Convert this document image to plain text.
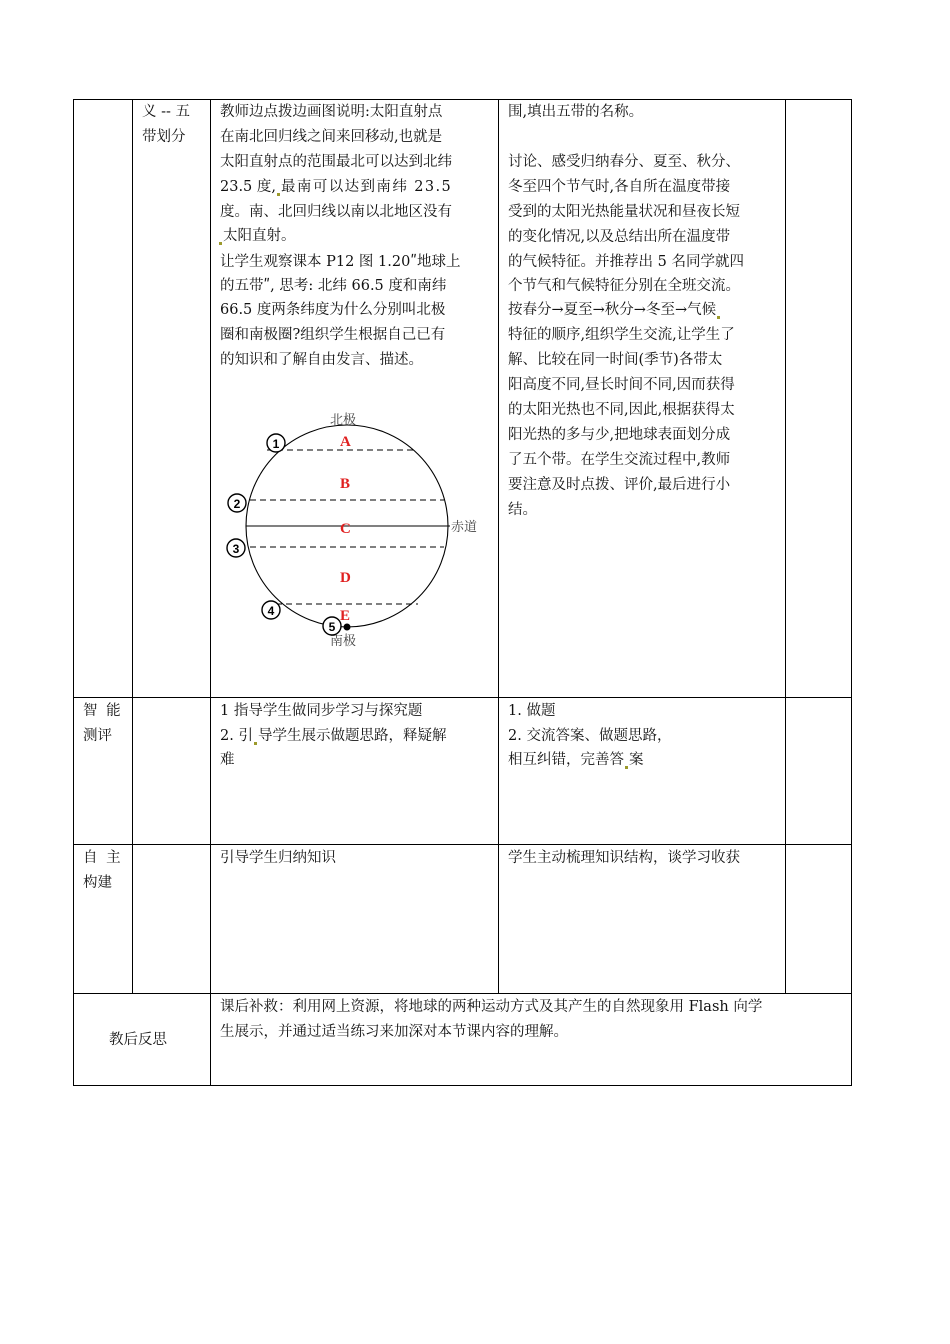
义 -- 五
带划分
教师边点拨边画图说明:太阳直射点
在南北回归线之间来回移动,也就是
太阳直射点的范围最北可以达到北纬
23.5 度, 最南可以达到南纬 23.5
度。南、北回归线以南以北地区没有
太阳直射。
让学生观察课本 P12 图 1.20ʺ地球上
的五带ʺ, 思考: 北纬 66.5 度和南纬
66.5 度两条纬度为什么分别叫北极
圈和南极圈?组织学生根据自己已有
的知识和了解自由发言、描述。
北极
A
B
C
D
E
赤道
1
2
3
4
5
南极
围,填出五带的名称。
讨论、感受归纳春分、夏至、秋分、
冬至四个节气时,各自所在温度带接
受到的太阳光热能量状况和昼夜长短
的变化情况,以及总结出所在温度带
的气候特征。并推荐出 5 名同学就四
个节气和气候特征分别在全班交流。
按春分→夏至→秋分→冬至→气候
特征的顺序,组织学生交流,让学生了
解、比较在同一时间(季节)各带太
阳高度不同,昼长时间不同,因而获得
的太阳光热也不同,因此,根据获得太
阳光热的多与少,把地球表面划分成
了五个带。在学生交流过程中,教师
要注意及时点拨、评价,最后进行小
结。
智 能
测评
1 指导学生做同步学习与探究题
2. 引 导学生展示做题思路，释疑解
难
1. 做题
2. 交流答案、做题思路，
相互纠错，完善答 案
自 主
构建
引导学生归纳知识	学生主动梳理知识结构，谈学习收获
教后反思
课后补救：利用网上资源，将地球的两种运动方式及其产生的自然现象用 Flash 向学
生展示，并通过适当练习来加深对本节课内容的理解。
